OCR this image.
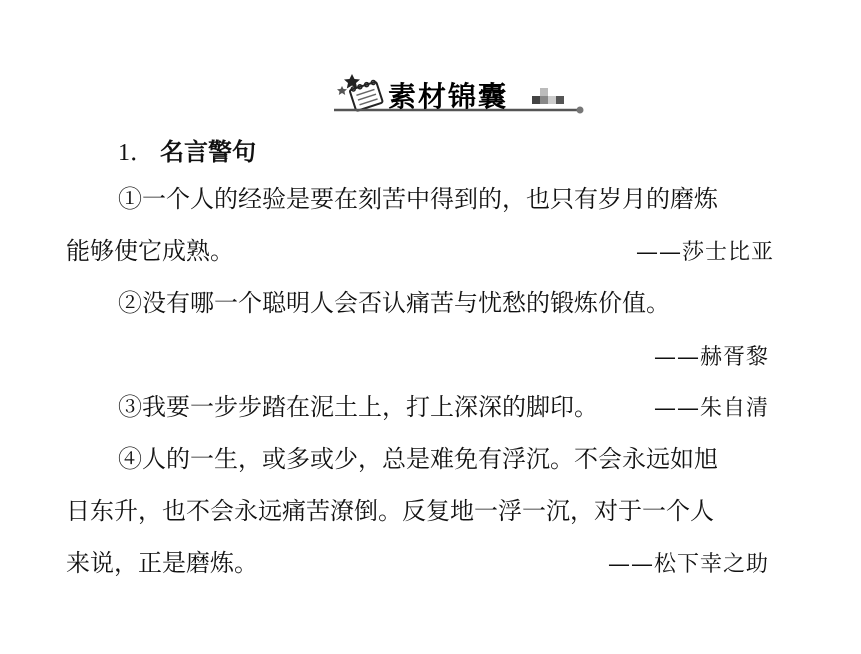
素材锦囊
1． 名言警句
①一个人的经验是要在刻苦中得到的，也只有岁月的磨炼
能够使它成熟。	——莎士比亚
②没有哪一个聪明人会否认痛苦与忧愁的锻炼价值。
——赫胥黎
③我要一步步踏在泥土上，打上深深的脚印。	——朱自清
④人的一生，或多或少，总是难免有浮沉。不会永远如旭
日东升，也不会永远痛苦潦倒。反复地一浮一沉，对于一个人
来说，正是磨炼。	——松下幸之助
